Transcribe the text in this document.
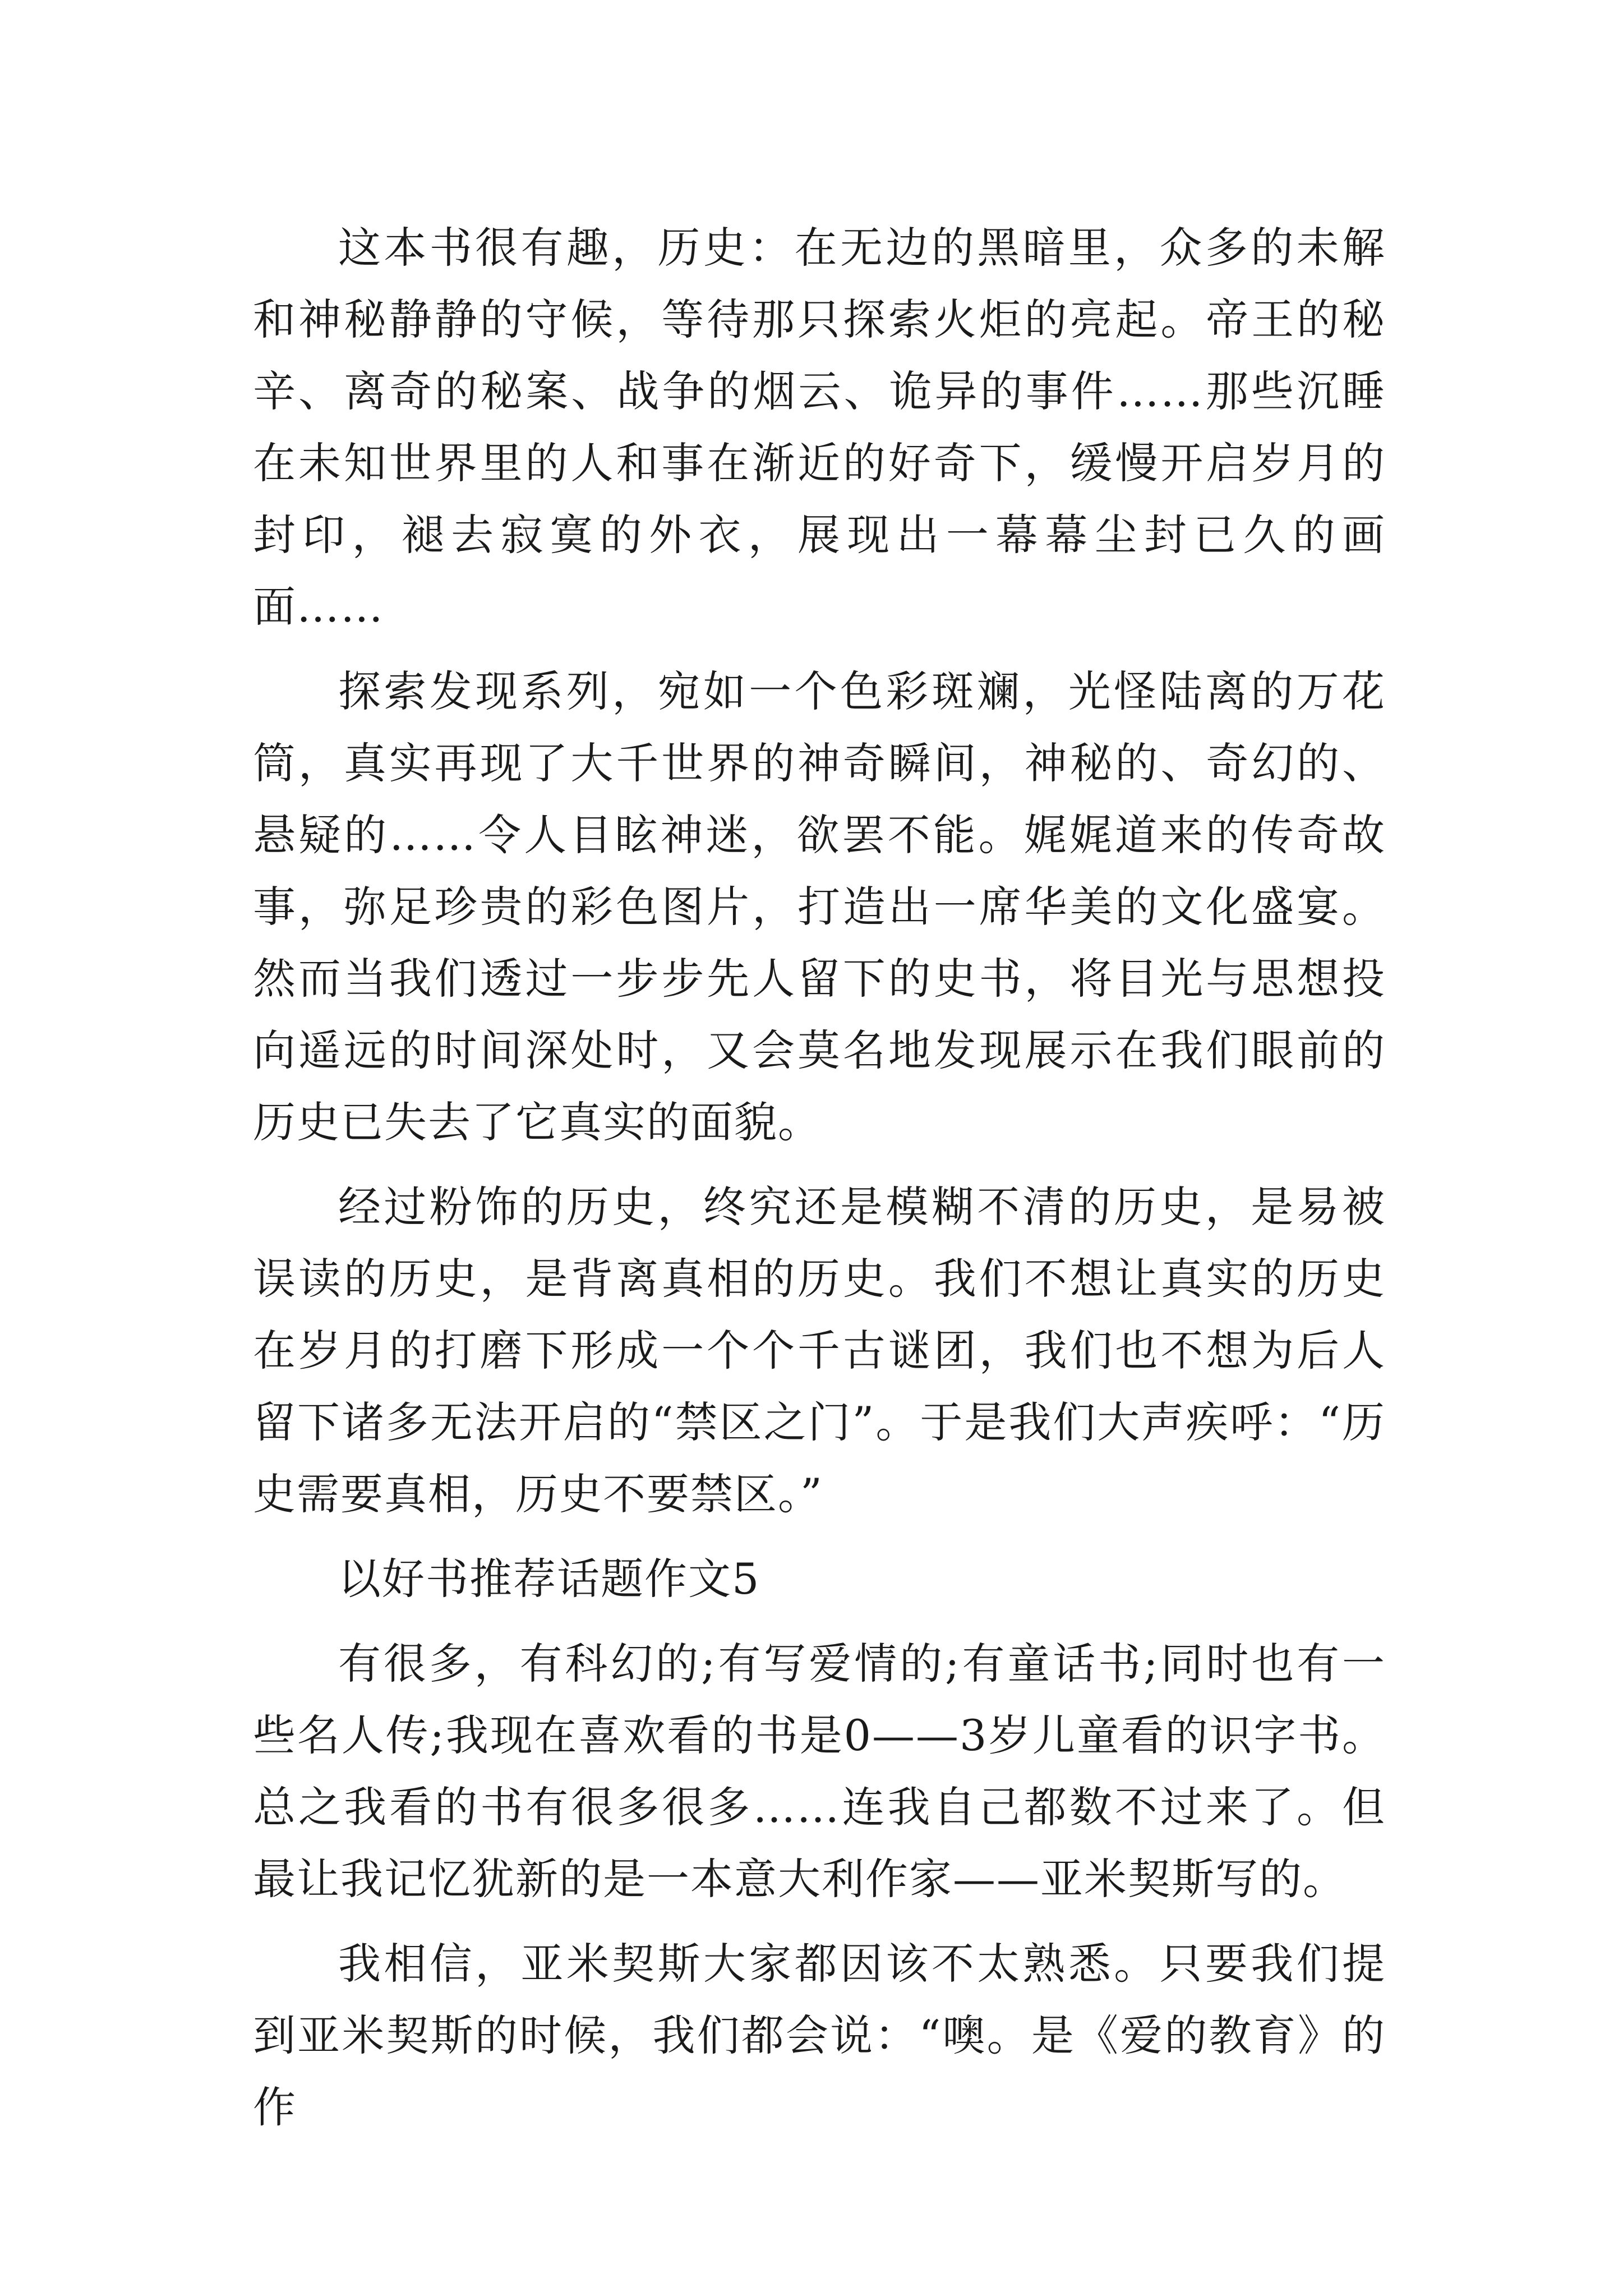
这本书很有趣，历史：在无边的黑暗里，众多的未解和神秘静静的守候，等待那只探索火炬的亮起。帝王的秘辛、离奇的秘案、战争的烟云、诡异的事件……那些沉睡在未知世界里的人和事在渐近的好奇下，缓慢开启岁月的封印，褪去寂寞的外衣，展现出一幕幕尘封已久的画面……

探索发现系列，宛如一个色彩斑斓，光怪陆离的万花筒，真实再现了大千世界的神奇瞬间，神秘的、奇幻的、悬疑的……令人目眩神迷，欲罢不能。娓娓道来的传奇故事，弥足珍贵的彩色图片，打造出一席华美的文化盛宴。然而当我们透过一步步先人留下的史书，将目光与思想投向遥远的时间深处时，又会莫名地发现展示在我们眼前的历史已失去了它真实的面貌。

经过粉饰的历史，终究还是模糊不清的历史，是易被误读的历史，是背离真相的历史。我们不想让真实的历史在岁月的打磨下形成一个个千古谜团，我们也不想为后人留下诸多无法开启的“禁区之门”。于是我们大声疾呼：“历史需要真相，历史不要禁区。”

以好书推荐话题作文5

有很多，有科幻的;有写爱情的;有童话书;同时也有一些名人传;我现在喜欢看的书是0——3岁儿童看的识字书。总之我看的书有很多很多……连我自己都数不过来了。但最让我记忆犹新的是一本意大利作家——亚米契斯写的。

我相信，亚米契斯大家都因该不太熟悉。只要我们提到亚米契斯的时候，我们都会说：“噢。是《爱的教育》的作
